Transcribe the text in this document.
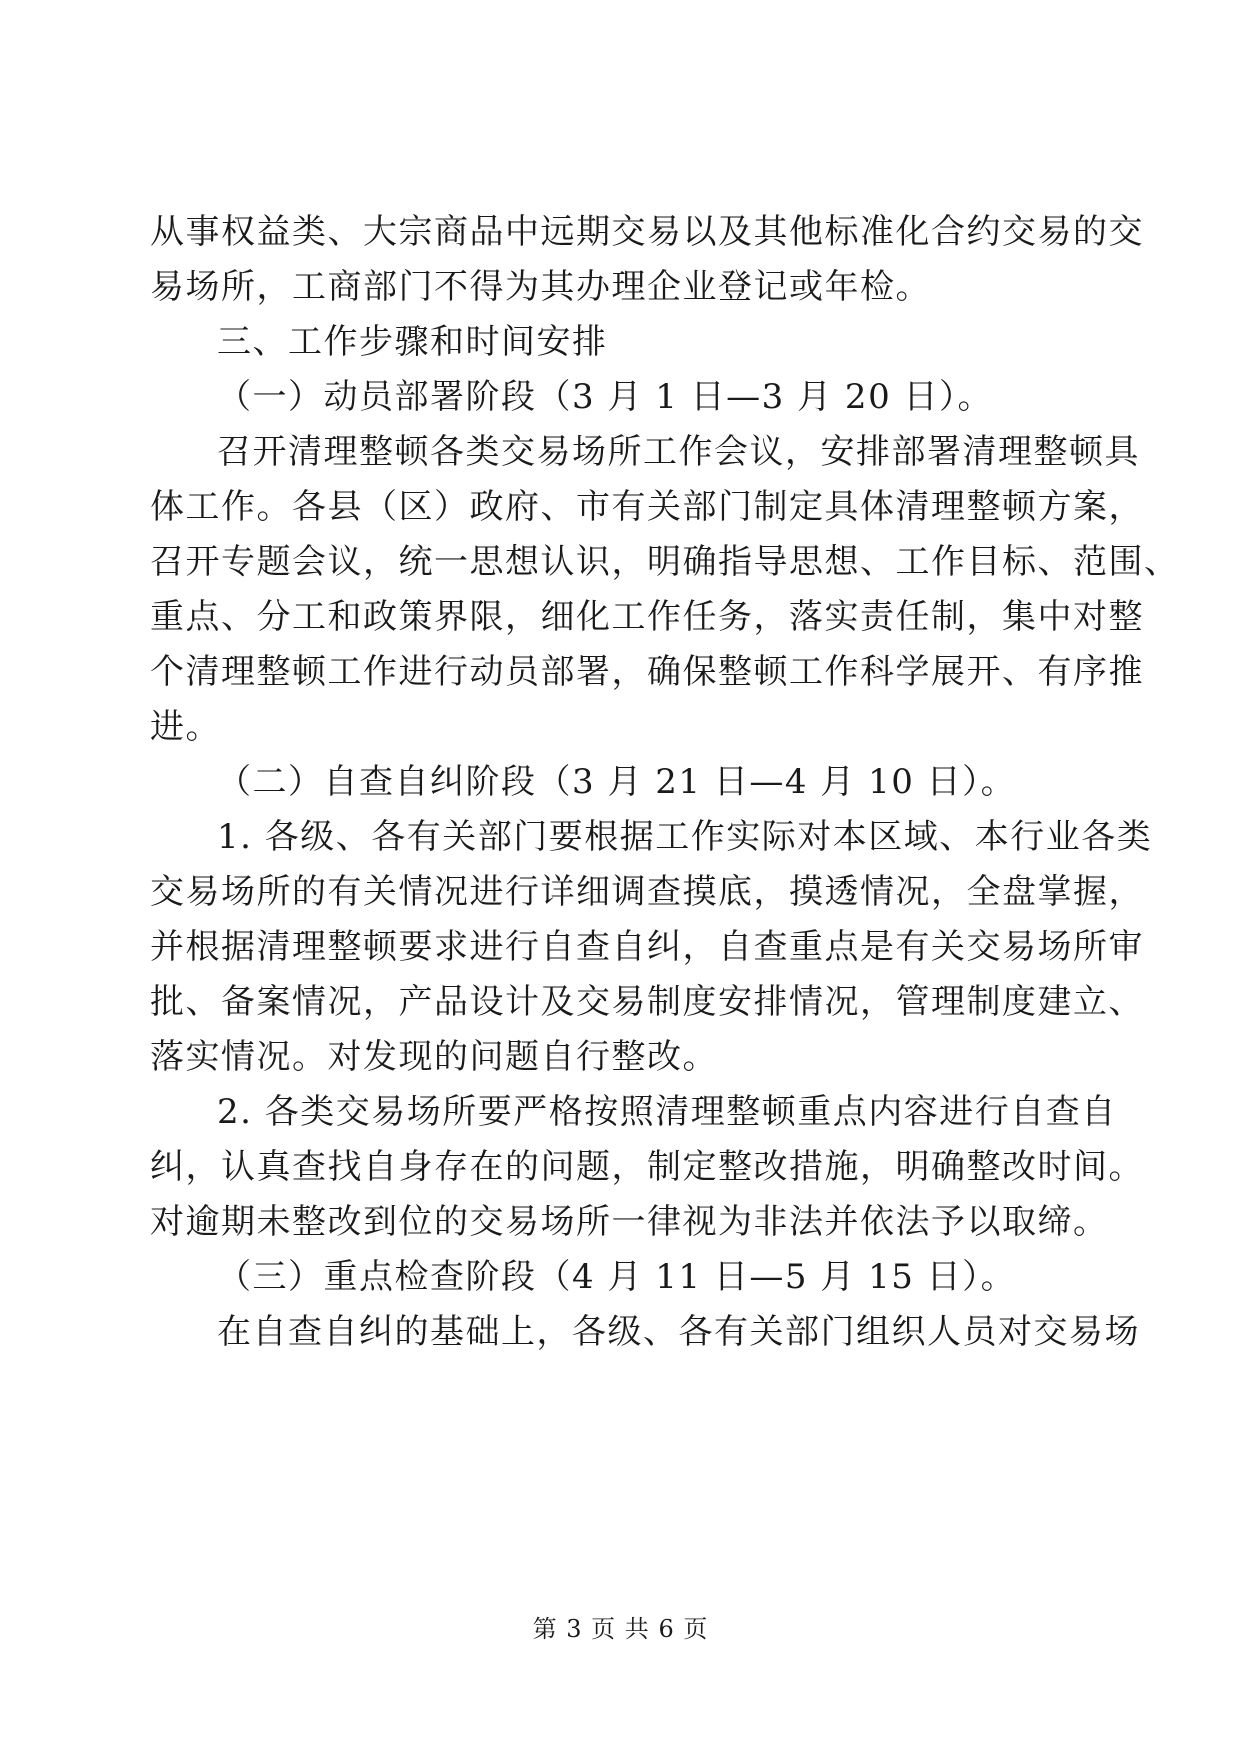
从事权益类、大宗商品中远期交易以及其他标准化合约交易的交
易场所，工商部门不得为其办理企业登记或年检。
三、工作步骤和时间安排
（一）动员部署阶段（3 月 1 日—3 月 20 日）。
召开清理整顿各类交易场所工作会议，安排部署清理整顿具
体工作。各县（区）政府、市有关部门制定具体清理整顿方案，
召开专题会议，统一思想认识，明确指导思想、工作目标、范围、
重点、分工和政策界限，细化工作任务，落实责任制，集中对整
个清理整顿工作进行动员部署，确保整顿工作科学展开、有序推
进。
（二）自查自纠阶段（3 月 21 日—4 月 10 日）。
1. 各级、各有关部门要根据工作实际对本区域、本行业各类
交易场所的有关情况进行详细调查摸底，摸透情况，全盘掌握，
并根据清理整顿要求进行自查自纠，自查重点是有关交易场所审
批、备案情况，产品设计及交易制度安排情况，管理制度建立、
落实情况。对发现的问题自行整改。
2. 各类交易场所要严格按照清理整顿重点内容进行自查自
纠，认真查找自身存在的问题，制定整改措施，明确整改时间。
对逾期未整改到位的交易场所一律视为非法并依法予以取缔。
（三）重点检查阶段（4 月 11 日—5 月 15 日）。
在自查自纠的基础上，各级、各有关部门组织人员对交易场
第 3 页 共 6 页
